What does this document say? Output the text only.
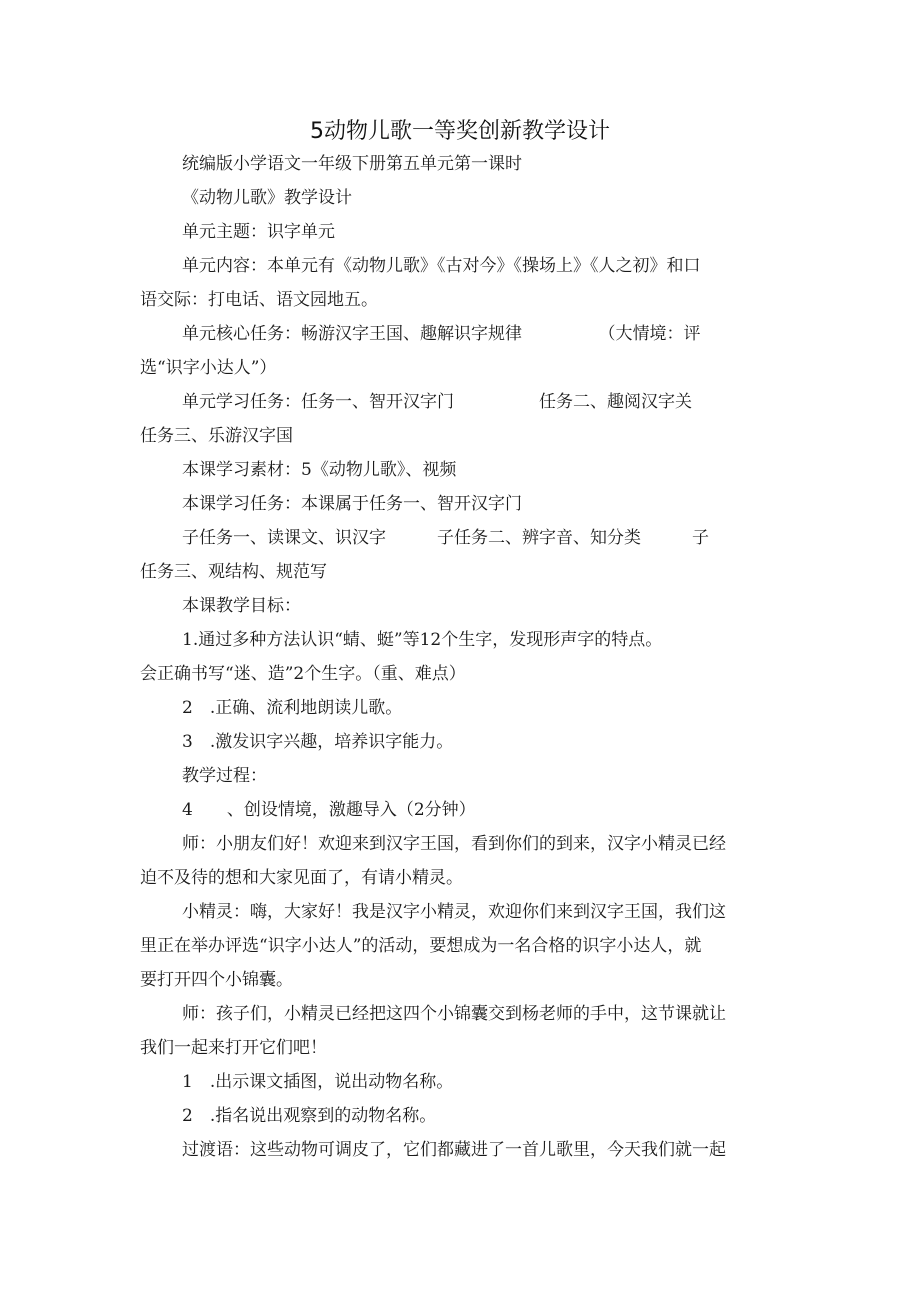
5动物儿歌一等奖创新教学设计
统编版小学语文一年级下册第五单元第一课时
《动物儿歌》教学设计
单元主题：识字单元
单元内容：本单元有《动物儿歌》《古对今》《操场上》《人之初》和口
语交际：打电话、语文园地五。
单元核心任务：畅游汉字王国、趣解识字规律　　　　　（大情境：评
选“识字小达人”）
单元学习任务：任务一、智开汉字门　　　　　任务二、趣阅汉字关
任务三、乐游汉字国
本课学习素材：5《动物儿歌》、视频
本课学习任务：本课属于任务一、智开汉字门
子任务一、读课文、识汉字　　　子任务二、辨字音、知分类　　　子
任务三、观结构、规范写
本课教学目标：
1.通过多种方法认识“蜻、蜓”等12个生字，发现形声字的特点。
会正确书写“迷、造”2个生字。（重、难点）
2　.正确、流利地朗读儿歌。
3　.激发识字兴趣，培养识字能力。
教学过程：
4　　、创设情境，激趣导入（2分钟）
师：小朋友们好！欢迎来到汉字王国，看到你们的到来，汉字小精灵已经
迫不及待的想和大家见面了，有请小精灵。
小精灵：嗨，大家好！我是汉字小精灵，欢迎你们来到汉字王国，我们这
里正在举办评选“识字小达人”的活动，要想成为一名合格的识字小达人，就
要打开四个小锦囊。
师：孩子们，小精灵已经把这四个小锦囊交到杨老师的手中，这节课就让
我们一起来打开它们吧！
1　.出示课文插图，说出动物名称。
2　.指名说出观察到的动物名称。
过渡语：这些动物可调皮了，它们都藏进了一首儿歌里，今天我们就一起
